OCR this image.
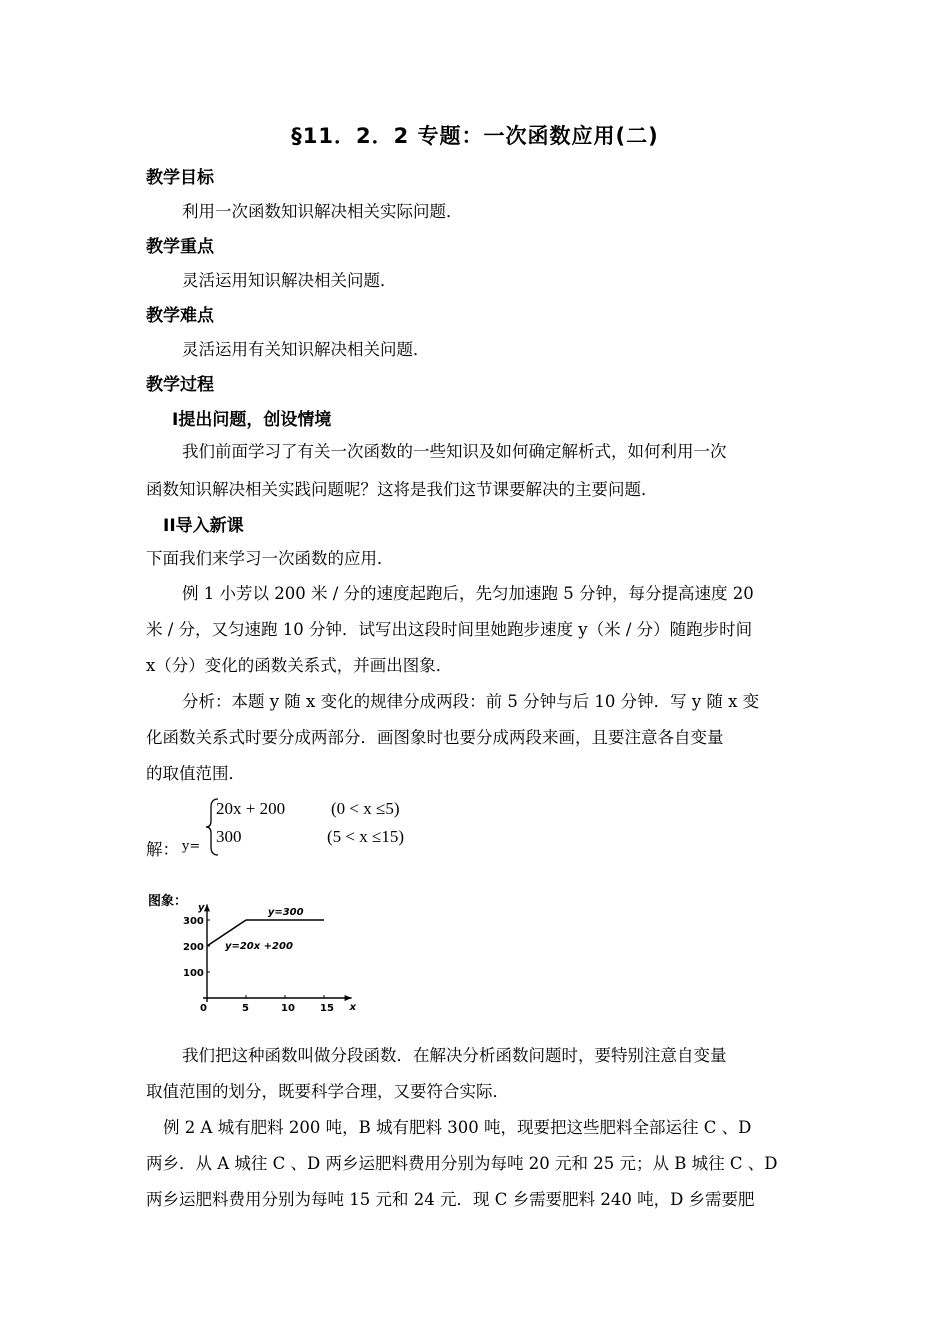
§11．2．2 专题：一次函数应用(二)
教学目标
利用一次函数知识解决相关实际问题．
教学重点
灵活运用知识解决相关问题．
教学难点
灵活运用有关知识解决相关问题．
教学过程
I提出问题，创设情境
我们前面学习了有关一次函数的一些知识及如何确定解析式，如何利用一次
函数知识解决相关实践问题呢？这将是我们这节课要解决的主要问题．
II导入新课
下面我们来学习一次函数的应用．
例 1 小芳以 200 米 / 分的速度起跑后，先匀加速跑 5 分钟，每分提高速度 20
米 / 分，又匀速跑 10 分钟．试写出这段时间里她跑步速度 y（米 / 分）随跑步时间
x（分）变化的函数关系式，并画出图象．
分析：本题 y 随 x 变化的规律分成两段：前 5 分钟与后 10 分钟．写 y 随 x 变
化函数关系式时要分成两部分．画图象时也要分成两段来画，且要注意各自变量
的取值范围．
解： y=
20x + 200	(0 < x ≤5)
300	(5 < x ≤15)
图象：
x
y
0	5	10	15
100
200
300
y=20x +200
y=300
我们把这种函数叫做分段函数．在解决分析函数问题时，要特别注意自变量
取值范围的划分，既要科学合理，又要符合实际．
例 2 A 城有肥料 200 吨，B 城有肥料 300 吨，现要把这些肥料全部运往 C 、D
两乡．从 A 城往 C 、D 两乡运肥料费用分别为每吨 20 元和 25 元；从 B 城往 C 、D
两乡运肥料费用分别为每吨 15 元和 24 元．现 C 乡需要肥料 240 吨，D 乡需要肥
